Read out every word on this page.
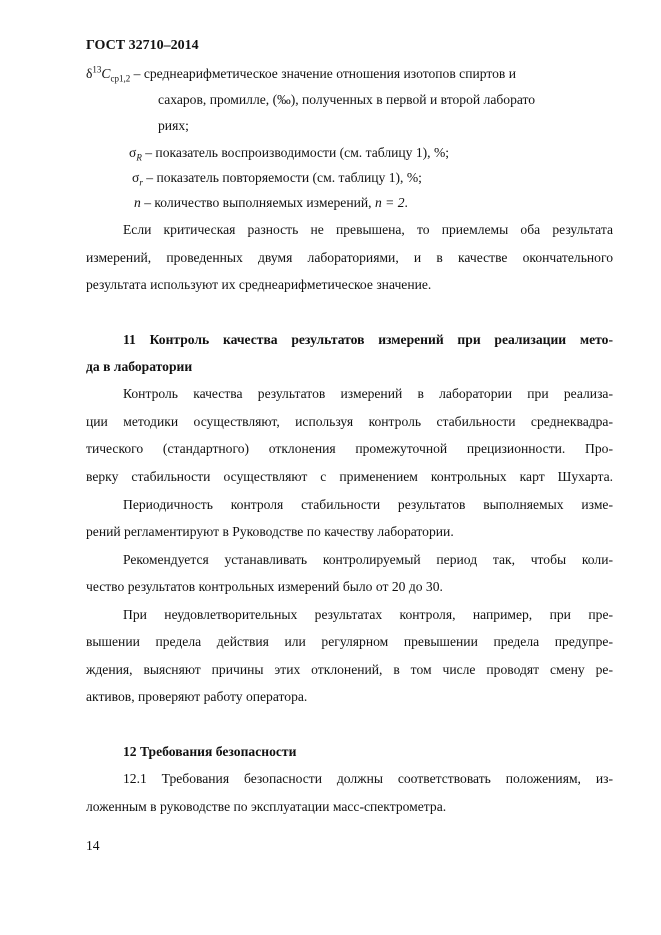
ГОСТ 32710–2014
$\delta^{13}C_{ср1,2}$ – среднеарифметическое значение отношения изотопов спиртов и
сахаров, промилле, (‰), полученных в первой и второй лаборато
риях;
$\sigma_R$ – показатель воспроизводимости (см. таблицу 1), %;
$\sigma_r$ – показатель повторяемости (см. таблицу 1), %;
n – количество выполняемых измерений, n = 2.
Если критическая разность не превышена, то приемлемы оба результата
измерений, проведенных двумя лабораториями, и в качестве окончательного
результата используют их среднеарифметическое значение.
11 Контроль качества результатов измерений при реализации мето-
да в лаборатории
Контроль качества результатов измерений в лаборатории при реализа-
ции методики осуществляют, используя контроль стабильности среднеквадра-
тического (стандартного) отклонения промежуточной прецизионности. Про-
верку стабильности осуществляют с применением контрольных карт Шухарта.
Периодичность контроля стабильности результатов выполняемых изме-
рений регламентируют в Руководстве по качеству лаборатории.
Рекомендуется устанавливать контролируемый период так, чтобы коли-
чество результатов контрольных измерений было от 20 до 30.
При неудовлетворительных результатах контроля, например, при пре-
вышении предела действия или регулярном превышении предела предупре-
ждения, выясняют причины этих отклонений, в том числе проводят смену ре-
активов, проверяют работу оператора.
12 Требования безопасности
12.1 Требования безопасности должны соответствовать положениям, из-
ложенным в руководстве по эксплуатации масс-спектрометра.
14
